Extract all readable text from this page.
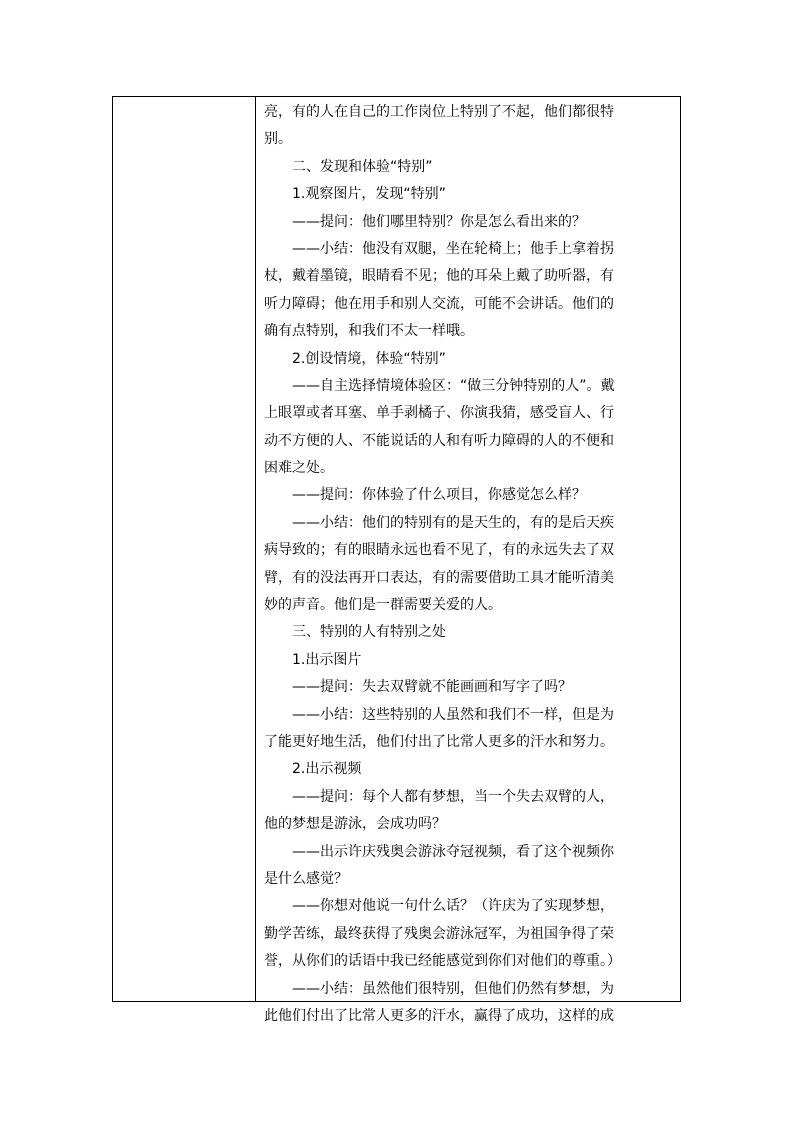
亮，有的人在自己的工作岗位上特别了不起，他们都很特
别。
二、发现和体验“特别”
1.观察图片，发现“特别”
——提问：他们哪里特别？你是怎么看出来的？
——小结：他没有双腿，坐在轮椅上；他手上拿着拐
杖，戴着墨镜，眼睛看不见；他的耳朵上戴了助听器，有
听力障碍；他在用手和别人交流，可能不会讲话。他们的
确有点特别，和我们不太一样哦。
2.创设情境，体验“特别”
——自主选择情境体验区：“做三分钟特别的人”。戴
上眼罩或者耳塞、单手剥橘子、你演我猜，感受盲人、行
动不方便的人、不能说话的人和有听力障碍的人的不便和
困难之处。
——提问：你体验了什么项目，你感觉怎么样？
——小结：他们的特别有的是天生的，有的是后天疾
病导致的；有的眼睛永远也看不见了，有的永远失去了双
臂，有的没法再开口表达，有的需要借助工具才能听清美
妙的声音。他们是一群需要关爱的人。
三、特别的人有特别之处
1.出示图片
——提问：失去双臂就不能画画和写字了吗？
——小结：这些特别的人虽然和我们不一样，但是为
了能更好地生活，他们付出了比常人更多的汗水和努力。
2.出示视频
——提问：每个人都有梦想，当一个失去双臂的人，
他的梦想是游泳，会成功吗？
——出示许庆残奥会游泳夺冠视频，看了这个视频你
是什么感觉？
——你想对他说一句什么话？（许庆为了实现梦想，
勤学苦练，最终获得了残奥会游泳冠军，为祖国争得了荣
誉，从你们的话语中我已经能感觉到你们对他们的尊重。）
——小结：虽然他们很特别，但他们仍然有梦想，为
此他们付出了比常人更多的汗水，赢得了成功，这样的成
